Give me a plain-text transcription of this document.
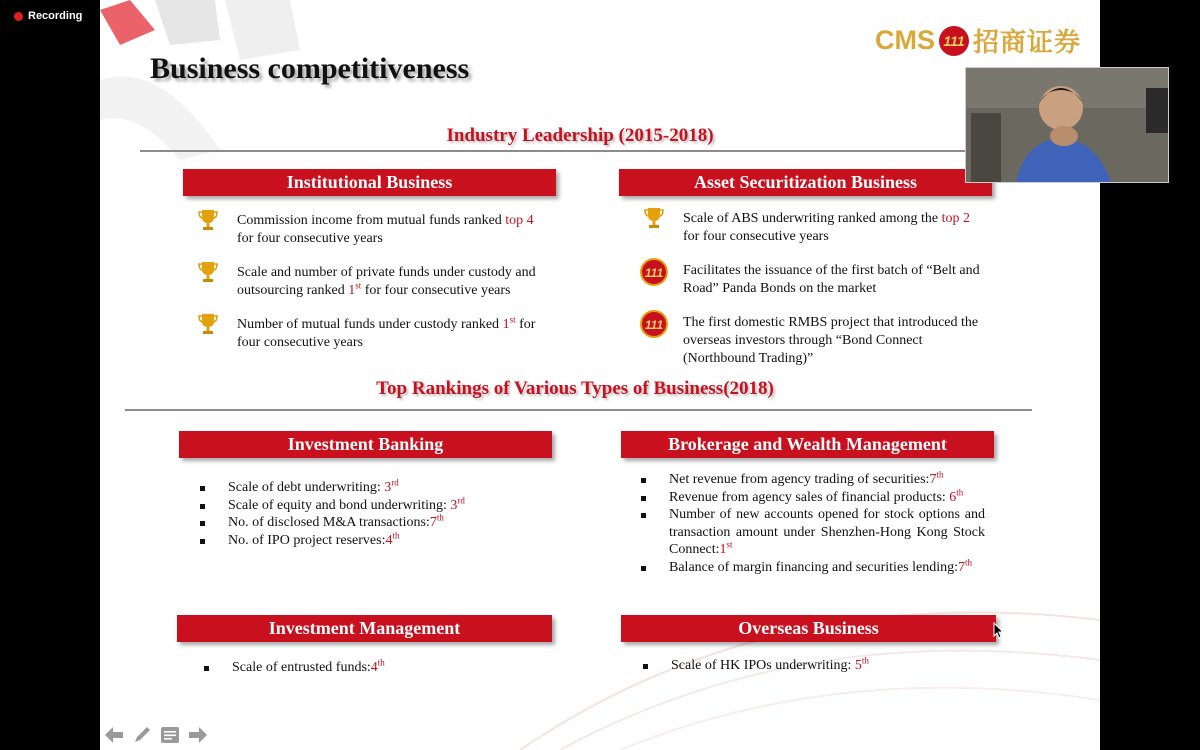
Recording
Business competitiveness
CMS 111 招商证券
Industry Leadership (2015-2018)
Institutional Business	Asset Securitization Business
Commission income from mutual funds ranked top 4 for four consecutive years
Scale and number of private funds under custody and outsourcing ranked 1st for four consecutive years
Number of mutual funds under custody ranked 1st for four consecutive years
Scale of ABS underwriting ranked among the top 2 for four consecutive years
111 Facilitates the issuance of the first batch of “Belt and Road” Panda Bonds on the market
111 The first domestic RMBS project that introduced the overseas investors through “Bond Connect (Northbound Trading)”
Top Rankings of Various Types of Business(2018)
Investment Banking	Brokerage and Wealth Management
Scale of debt underwriting: 3rd
Scale of equity and bond underwriting: 3rd
No. of disclosed M&A transactions:7th
No. of IPO project reserves:4th
Net revenue from agency trading of securities:7th
Revenue from agency sales of financial products: 6th
Number of new accounts opened for stock options and transaction amount under Shenzhen-Hong Kong Stock Connect:1st
Balance of margin financing and securities lending:7th
Investment Management	Overseas Business
Scale of entrusted funds:4th	Scale of HK IPOs underwriting: 5th
